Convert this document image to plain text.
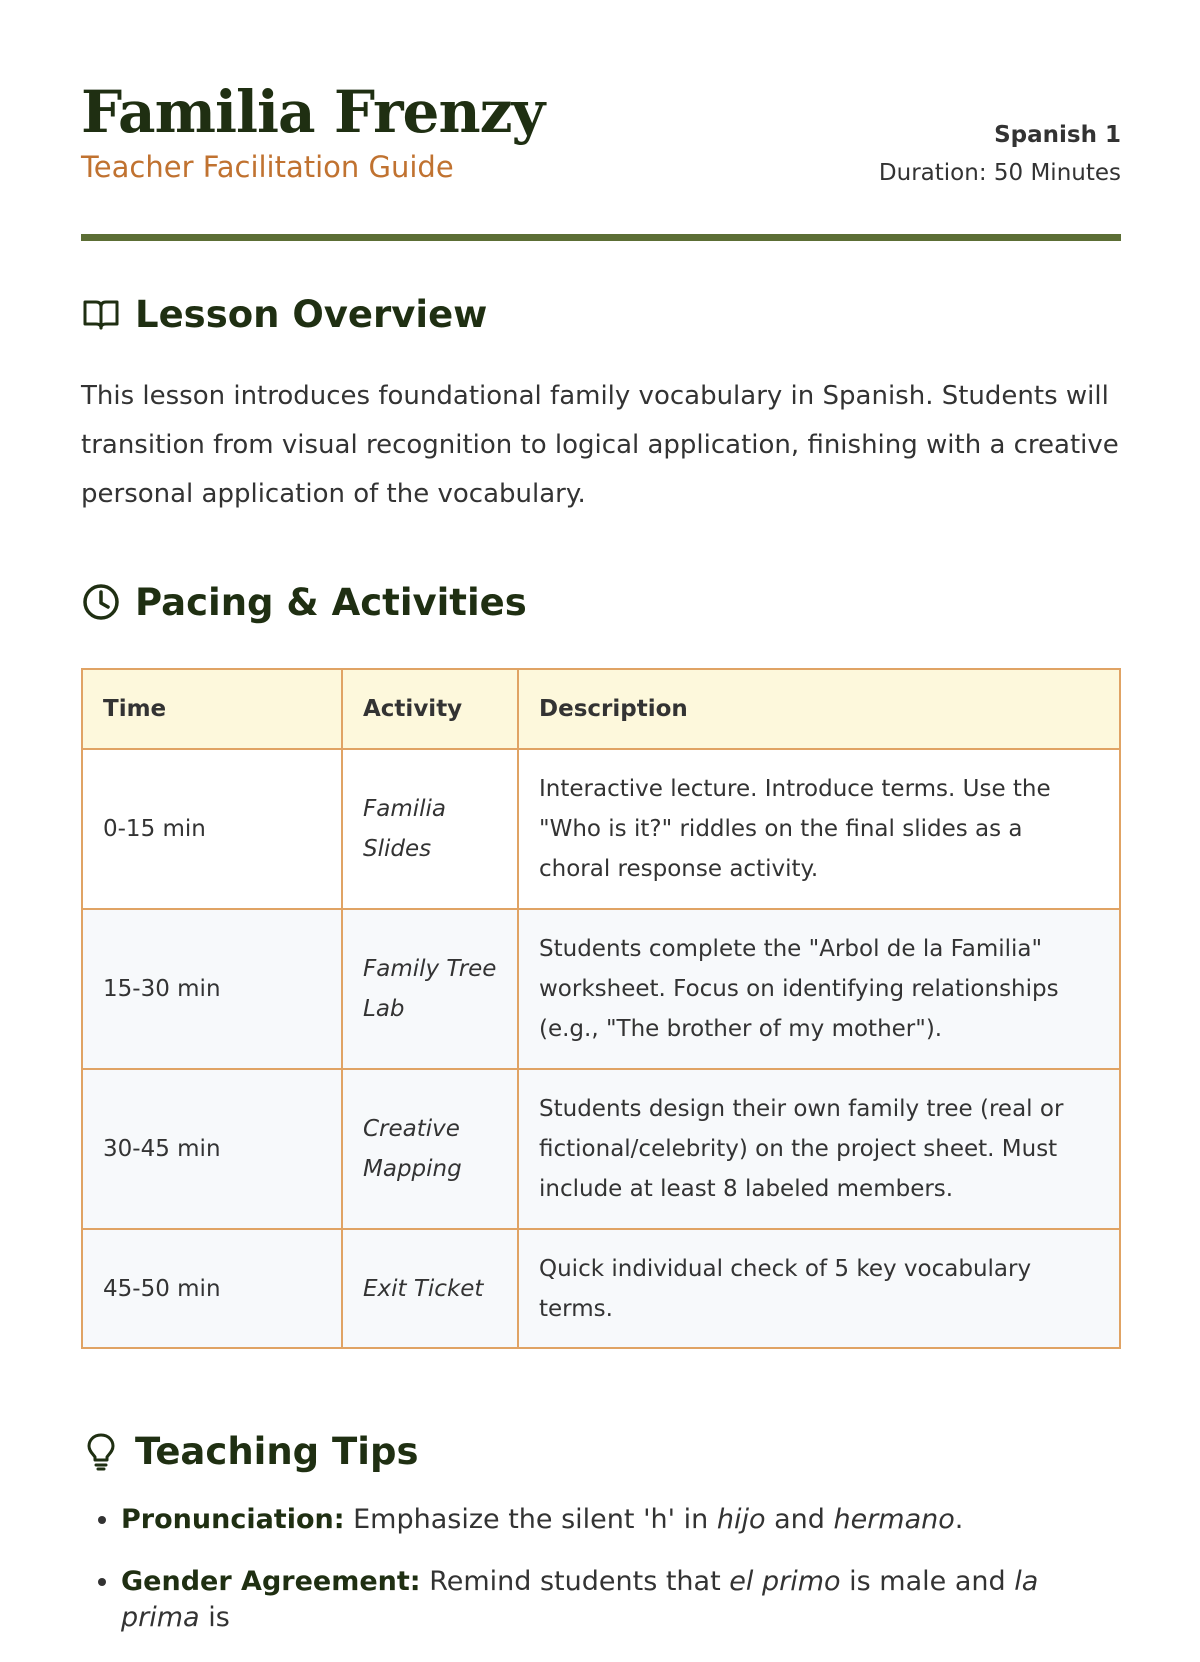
Familia Frenzy
Teacher Facilitation Guide
Spanish 1
Duration: 50 Minutes
Lesson Overview

This lesson introduces foundational family vocabulary in Spanish. Students will transition from visual recognition to logical application, finishing with a creative personal application of the vocabulary.

Pacing & Activities
Time	Activity	Description
0-15 min	Familia Slides	Interactive lecture. Introduce terms. Use the "Who is it?" riddles on the final slides as a choral response activity.
15-30 min	Family Tree Lab	Students complete the "Arbol de la Familia" worksheet. Focus on identifying relationships (e.g., "The brother of my mother").
30-45 min	Creative Mapping	Students design their own family tree (real or fictional/celebrity) on the project sheet. Must include at least 8 labeled members.
45-50 min	Exit Ticket	Quick individual check of 5 key vocabulary terms.
Teaching Tips
• Pronunciation: Emphasize the silent 'h' in hijo and hermano.
• Gender Agreement: Remind students that el primo is male and la prima is
